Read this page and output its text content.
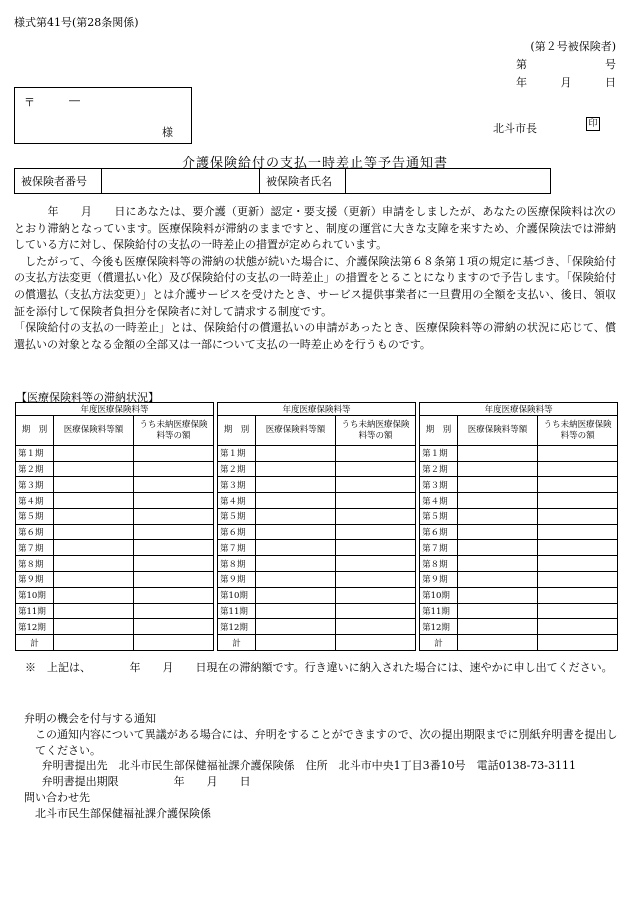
様式第41号(第28条関係)
(第２号被保険者)
第	号
年	月	日
〒	―
様	北斗市長	印
介護保険給付の支払一時差止等予告通知書
被保険者番号		被保険者氏名	

　　　年　　月　　日にあなたは、要介護（更新）認定・要支援（更新）申請をしましたが、あなたの医療保険料は次のとおり滞納となっています。医療保険料が滞納のままですと、制度の運営に大きな支障を来すため、介護保険法では滞納している方に対し、保険給付の支払の一時差止の措置が定められています。

したがって、今後も医療保険料等の滞納の状態が続いた場合に、介護保険法第６８条第１項の規定に基づき、「保険給付の支払方法変更（償還払い化）及び保険給付の支払の一時差止」の措置をとることになりますので予告します。「保険給付の償還払（支払方法変更）」とは介護サービスを受けたとき、サービス提供事業者に一旦費用の全額を支払い、後日、領収証を添付して保険者負担分を保険者に対して請求する制度です。

「保険給付の支払の一時差止」とは、保険給付の償還払いの申請があったとき、医療保険料等の滞納の状況に応じて、償還払いの対象となる金額の全部又は一部について支払の一時差止めを行うものです。

【医療保険料等の滞納状況】
年度医療保険料等		
期　別	医療保険料等額	うち未納医療保険料等の額
第１期		
第２期		
第３期		
第４期		
第５期		
第６期		
第７期		
第８期		
第９期		
第10期		
第11期		
第12期		
計		
年度医療保険料等		
期　別	医療保険料等額	うち未納医療保険料等の額
第１期		
第２期		
第３期		
第４期		
第５期		
第６期		
第７期		
第８期		
第９期		
第10期		
第11期		
第12期		
計		
年度医療保険料等		
期　別	医療保険料等額	うち未納医療保険料等の額
第１期		
第２期		
第３期		
第４期		
第５期		
第６期		
第７期		
第８期		
第９期		
第10期		
第11期		
第12期		
計		
※　上記は、　　　　年　　月　　日現在の滞納額です。行き違いに納入された場合には、速やかに申し出てください。
弁明の機会を付与する通知
この通知内容について異議がある場合には、弁明をすることができますので、次の提出期限までに別紙弁明書を提出してください。
弁明書提出先　北斗市民生部保健福祉課介護保険係　住所　北斗市中央1丁目3番10号　電話0138-73-3111
弁明書提出期限　　　　　年　　月　　日
問い合わせ先
北斗市民生部保健福祉課介護保険係
